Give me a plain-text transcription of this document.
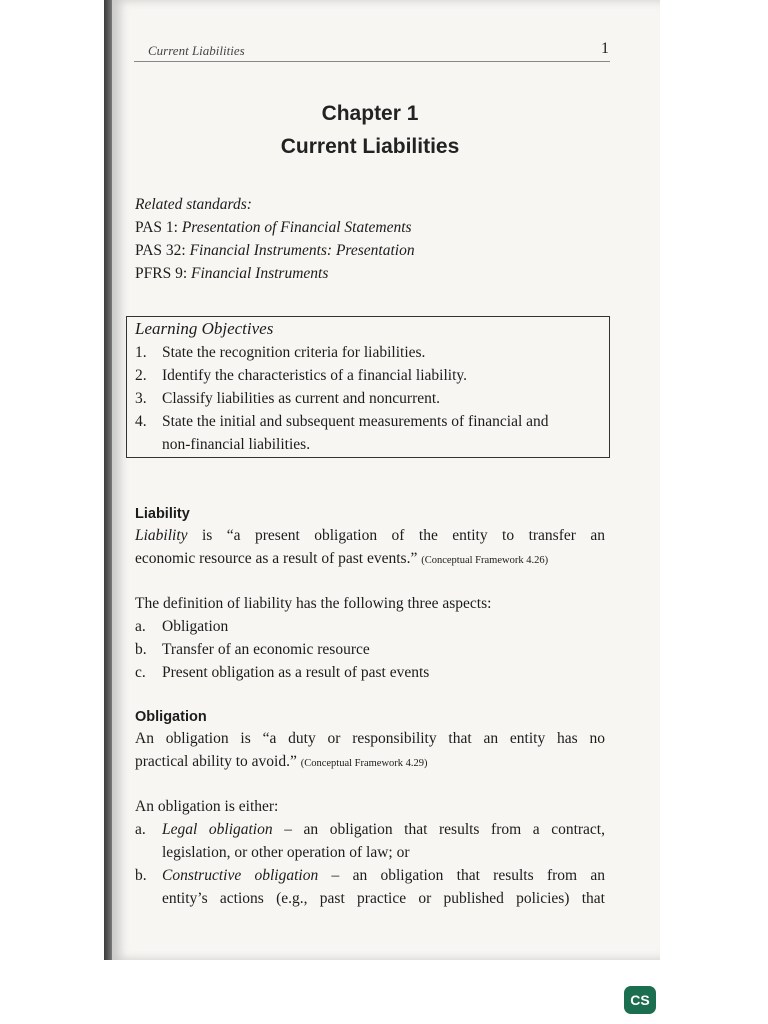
Current Liabilities	1
Chapter 1
Current Liabilities
Related standards:
PAS 1: Presentation of Financial Statements
PAS 32: Financial Instruments: Presentation
PFRS 9: Financial Instruments
Learning Objectives
1. State the recognition criteria for liabilities.
2. Identify the characteristics of a financial liability.
3. Classify liabilities as current and noncurrent.
4. State the initial and subsequent measurements of financial and
non-financial liabilities.
Liability
Liability is “a present obligation of the entity to transfer an
economic resource as a result of past events.” (Conceptual Framework 4.26)
The definition of liability has the following three aspects:
a. Obligation
b. Transfer of an economic resource
c. Present obligation as a result of past events
Obligation
An obligation is “a duty or responsibility that an entity has no
practical ability to avoid.” (Conceptual Framework 4.29)
An obligation is either:
a.	Legal obligation – an obligation that results from a contract,
legislation, or other operation of law; or
b. Constructive obligation – an obligation that results from an
entity’s actions (e.g., past practice or published policies) that
CS
